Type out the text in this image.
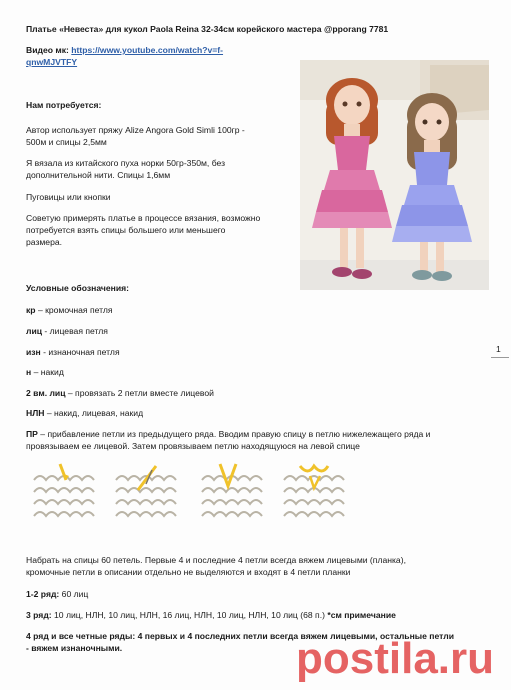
Платье «Невеста» для кукол Paola Reina 32-34см корейского мастера @pporang 7781
Видео мк: https://www.youtube.com/watch?v=f-
qnwMJVTFY
Нам потребуется:
Автор использует пряжу Alize Angora Gold Simli 100гр -
500м и спицы 2,5мм
Я вязала из китайского пуха норки 50гр-350м, без
дополнительной нити. Спицы 1,6мм
Пуговицы или кнопки
Советую примерять платье в процессе вязания, возможно
потребуется взять спицы большего или меньшего
размера.
Условные обозначения:
кр – кромочная петля
лиц - лицевая петля
изн - изнаночная петля
н – накид
2 вм. лиц – провязать 2 петли вместе лицевой
НЛН – накид, лицевая, накид
ПР – прибавление петли из предыдущего ряда. Вводим правую спицу в петлю нижележащего ряда и
провязываем ее лицевой. Затем провязываем петлю находящуюся на левой спице
1
Набрать на спицы 60 петель. Первые 4 и последние 4 петли всегда вяжем лицевыми (планка),
кромочные петли в описании отдельно не выделяются и входят в 4 петли планки
1-2 ряд: 60 лиц
3 ряд: 10 лиц, НЛН, 10 лиц, НЛН, 16 лиц, НЛН, 10 лиц, НЛН, 10 лиц (68 п.) *см примечание
4 ряд и все четные ряды: 4 первых и 4 последних петли всегда вяжем лицевыми, остальные петли
- вяжем изнаночными.	postila.ru
